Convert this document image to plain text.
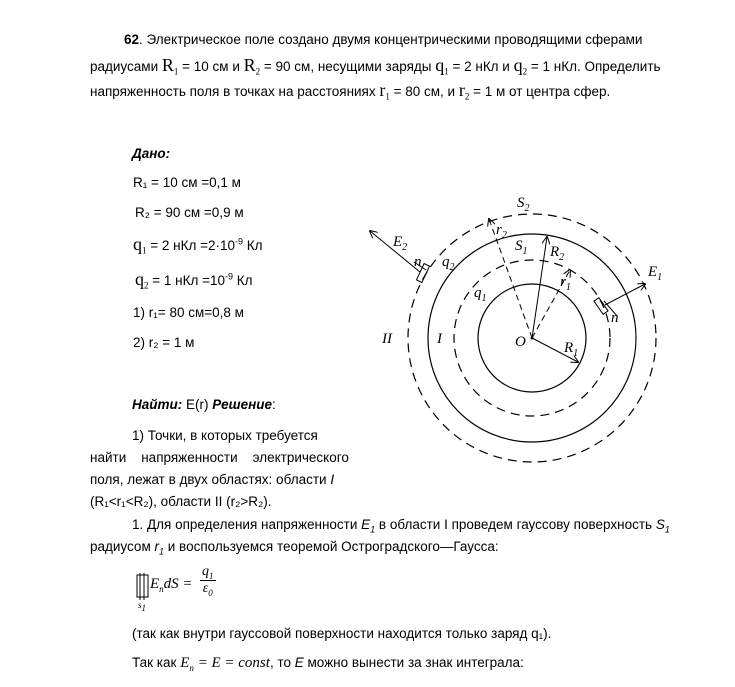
62. Электрическое поле создано двумя концентрическими проводящими сферами
радиусами $R_1 = 10$ см и $R_2 = 90$ см, несущими заряды $q_1 = 2$ нКл и $q_2 = 1$ нКл. Определить
напряженность поля в точках на расстояниях $r_1 = 80$ см, и $r_2 = 1$ м от центра сфер.
Дано:
R₁ = 10 см =0,1 м
R₂ = 90 см =0,9 м
$q_1 = 2$ нКл $=2\cdot 10^{-9}$ Кл
$q_2 = 1$ нКл $=10^{-9}$ Кл
1) r₁= 80 см=0,8 м
2) r₂ = 1 м
Найти: E(r) Решение:
1) Точки, в которых требуется
найти    напряженности    электрического
поля, лежат в двух областях: области I
(R₁<r₁<R₂), области II (r₂>R₂).
1. Для определения напряженности $E_1$ в области I проведем гауссову поверхность $S_1$
радиусом $r_1$ и воспользуемся теоремой Остроградского—Гаусса:
$E_ndS = \frac{q_1}{\varepsilon_0}$
$s_1$
(так как внутри гауссовой поверхности находится только заряд q₁).
Так как $E_n = E$ = const, то E можно вынести за знак интеграла:
$S_2$
$S_1$
$E_2$
$E_1$
$q_2$
$q_1$
$r_2$
$r_1$
$R_2$
$R_1$
n
n
O
I
II
